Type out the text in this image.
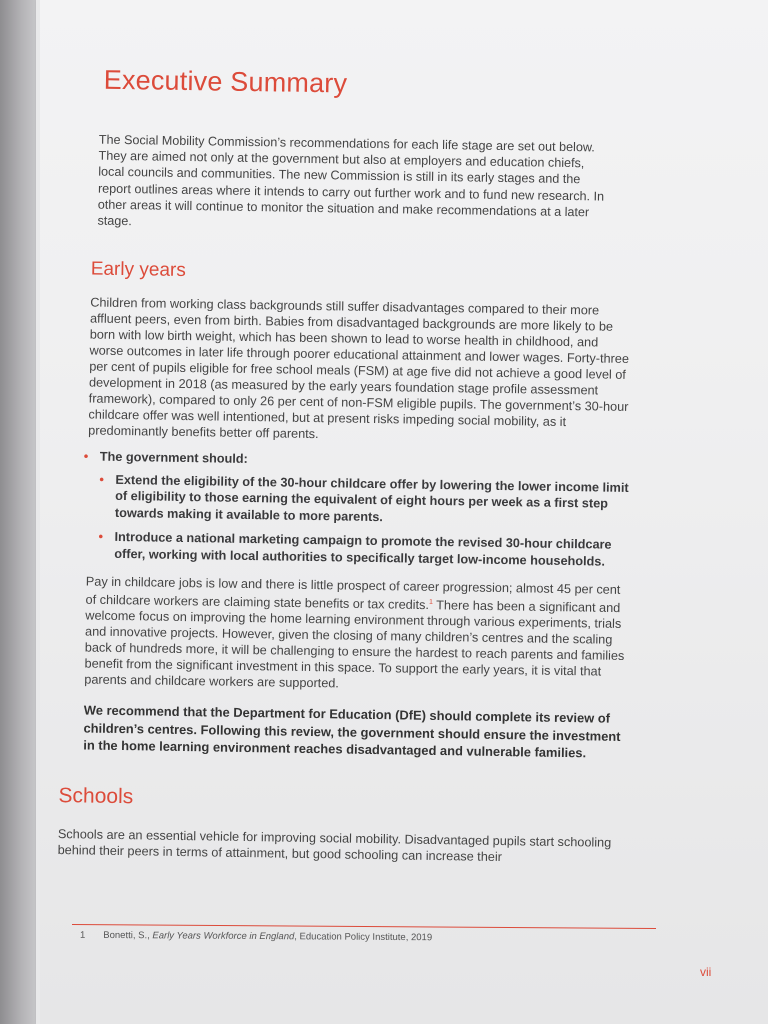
Executive Summary

The Social Mobility Commission’s recommendations for each life stage are set out below. They are aimed not only at the government but also at employers and education chiefs, local councils and communities. The new Commission is still in its early stages and the report outlines areas where it intends to carry out further work and to fund new research. In other areas it will continue to monitor the situation and make recommendations at a later stage.

Early years

Children from working class backgrounds still suffer disadvantages compared to their more affluent peers, even from birth. Babies from disadvantaged backgrounds are more likely to be born with low birth weight, which has been shown to lead to worse health in childhood, and worse outcomes in later life through poorer educational attainment and lower wages. Forty-three per cent of pupils eligible for free school meals (FSM) at age five did not achieve a good level of development in 2018 (as measured by the early years foundation stage profile assessment framework), compared to only 26 per cent of non-FSM eligible pupils. The government’s 30-hour childcare offer was well intentioned, but at present risks impeding social mobility, as it predominantly benefits better off parents.

• The government should:
• Extend the eligibility of the 30-hour childcare offer by lowering the lower income limit of eligibility to those earning the equivalent of eight hours per week as a first step towards making it available to more parents.
• Introduce a national marketing campaign to promote the revised 30-hour childcare offer, working with local authorities to specifically target low-income households.

Pay in childcare jobs is low and there is little prospect of career progression; almost 45 per cent of childcare workers are claiming state benefits or tax credits.$^1$ There has been a significant and welcome focus on improving the home learning environment through various experiments, trials and innovative projects. However, given the closing of many children’s centres and the scaling back of hundreds more, it will be challenging to ensure the hardest to reach parents and families benefit from the significant investment in this space. To support the early years, it is vital that parents and childcare workers are supported.

We recommend that the Department for Education (DfE) should complete its review of children’s centres. Following this review, the government should ensure the investment in the home learning environment reaches disadvantaged and vulnerable families.

Schools

Schools are an essential vehicle for improving social mobility. Disadvantaged pupils start schooling behind their peers in terms of attainment, but good schooling can increase their

1 Bonetti, S., Early Years Workforce in England, Education Policy Institute, 2019
vii
